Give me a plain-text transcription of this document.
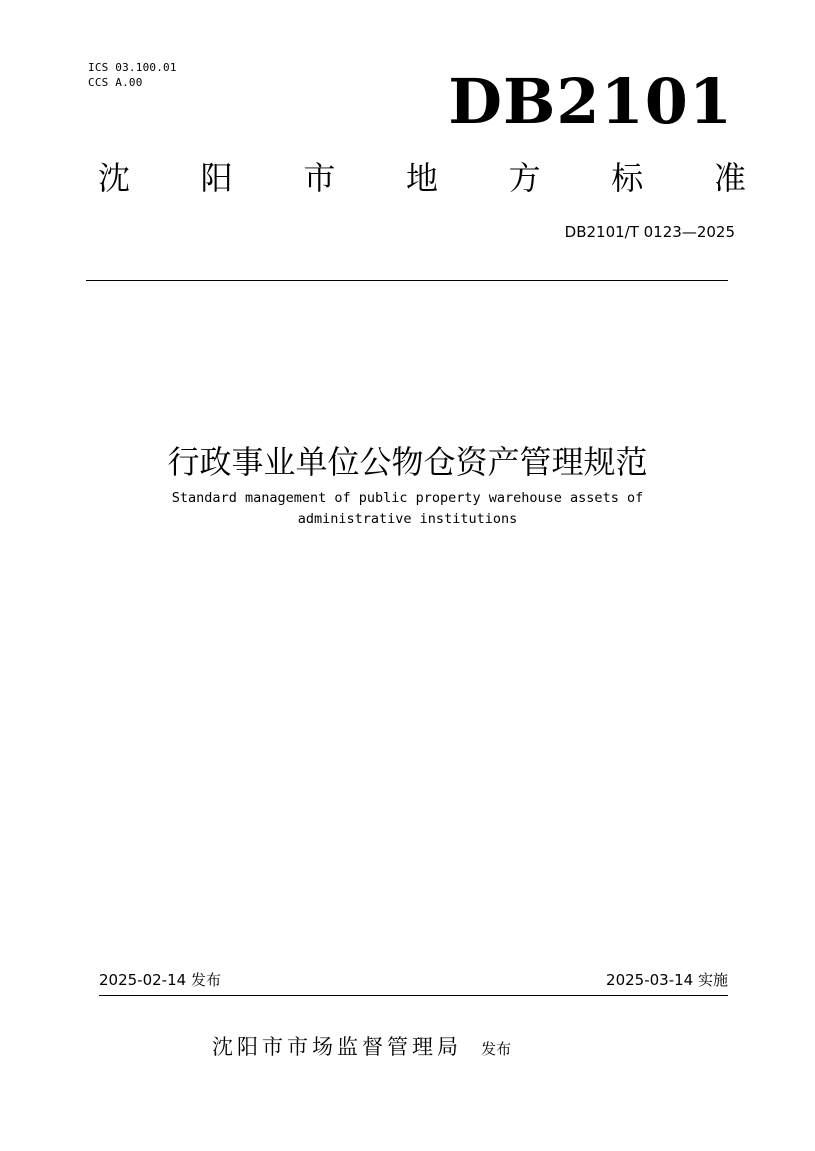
ICS 03.100.01
CCS A.00	DB2101
沈 阳 市 地 方 标 准
DB2101/T 0123—2025
行政事业单位公物仓资产管理规范
Standard management of public property warehouse assets of
administrative institutions
2025-02-14 发布	2025-03-14 实施
沈阳市市场监督管理局 发布
